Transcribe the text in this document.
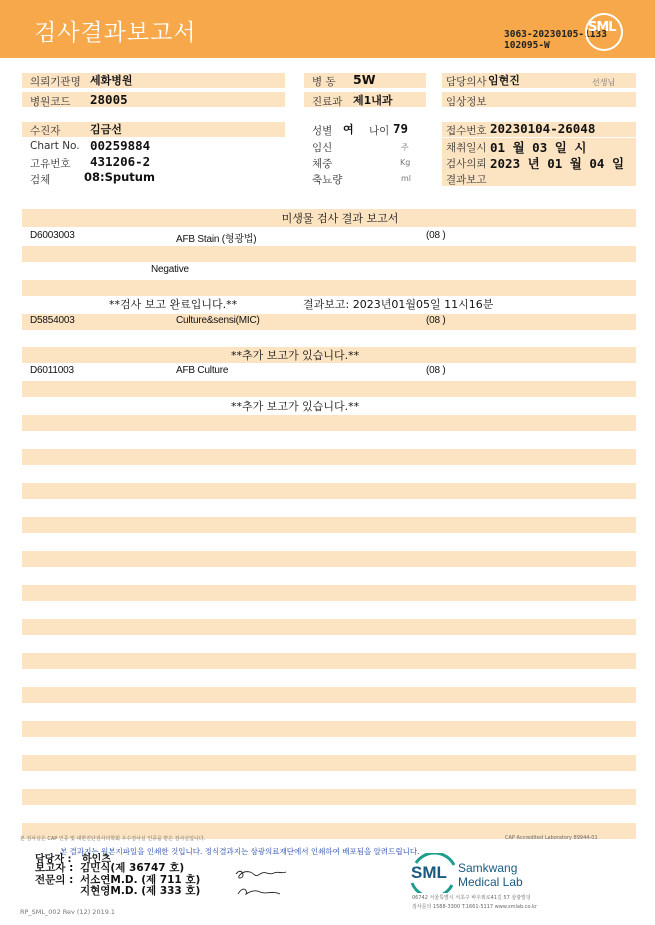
검사결과보고서	3063-20230105-1133
102095-W
SML
의뢰기관명 세화병원
병원코드 28005
병 동 5W
진료과 제1내과
담당의사 임현진	선생님
임상정보
수진자	김금선
Chart No. 00259884
고유번호 431206-2
검체	08:Sputum
성별 여 나이 79
임신	주
체중	Kg
축뇨량	ml
접수번호 20230104-26048
채취일시 01 월 03 일 시
검사의뢰 2023 년 01 월 04 일
결과보고
미생물 검사 결과 보고서
D6003003	AFB Stain (형광법)	(08 )
Negative
**검사 보고 완료입니다.**	결과보고: 2023년01월05일 11시16분
D5854003	Culture&sensi(MIC)	(08 )
**추가 보고가 있습니다.**
D6011003	AFB Culture	(08 )
**추가 보고가 있습니다.**
본 검사실은 CAP 인증 및 대한진단검사의학회 우수검사실 인증을 받은 검사실입니다.	CAP Accredited Laboratory 89944-01
본 결과지는 원본지파일을 인쇄한 것입니다. 정식결과지는 삼광의료재단에서 인쇄하여 배포됨을 알려드립니다.
담당자 : 하인츠
보고자 : 김민식(제 36747 호)
전문의 : 서소연M.D. (제 711 호)
지현영M.D. (제 333 호)
SML Samkwang
Medical Lab
06742 서울특별시 서초구 바우뫼로41길 57 삼광빌딩
검사문의 1588-3300 T.1661-5117 www.smlab.co.kr
RP_SML_002 Rev (12) 2019.1
